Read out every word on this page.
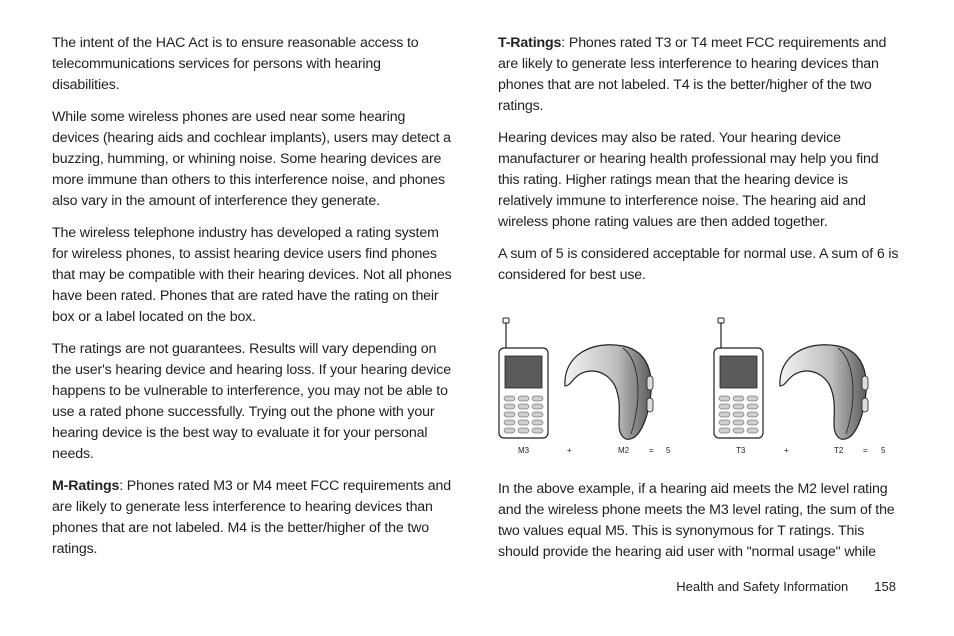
The intent of the HAC Act is to ensure reasonable access to telecommunications services for persons with hearing disabilities.

While some wireless phones are used near some hearing devices (hearing aids and cochlear implants), users may detect a buzzing, humming, or whining noise. Some hearing devices are more immune than others to this interference noise, and phones also vary in the amount of interference they generate.

The wireless telephone industry has developed a rating system for wireless phones, to assist hearing device users find phones that may be compatible with their hearing devices. Not all phones have been rated. Phones that are rated have the rating on their box or a label located on the box.

The ratings are not guarantees. Results will vary depending on the user's hearing device and hearing loss. If your hearing device happens to be vulnerable to interference, you may not be able to use a rated phone successfully. Trying out the phone with your hearing device is the best way to evaluate it for your personal needs.

M-Ratings: Phones rated M3 or M4 meet FCC requirements and are likely to generate less interference to hearing devices than phones that are not labeled. M4 is the better/higher of the two ratings.

T-Ratings: Phones rated T3 or T4 meet FCC requirements and are likely to generate less interference to hearing devices than phones that are not labeled. T4 is the better/higher of the two ratings.

Hearing devices may also be rated. Your hearing device manufacturer or hearing health professional may help you find this rating. Higher ratings mean that the hearing device is relatively immune to interference noise. The hearing aid and wireless phone rating values are then added together.

A sum of 5 is considered acceptable for normal use. A sum of 6 is considered for best use.

In the above example, if a hearing aid meets the M2 level rating and the wireless phone meets the M3 level rating, the sum of the two values equal M5. This is synonymous for T ratings. This should provide the hearing aid user with "normal usage" while

M3	+	M2 = 5	T3	+	T2 = 5
Health and Safety Information 158
